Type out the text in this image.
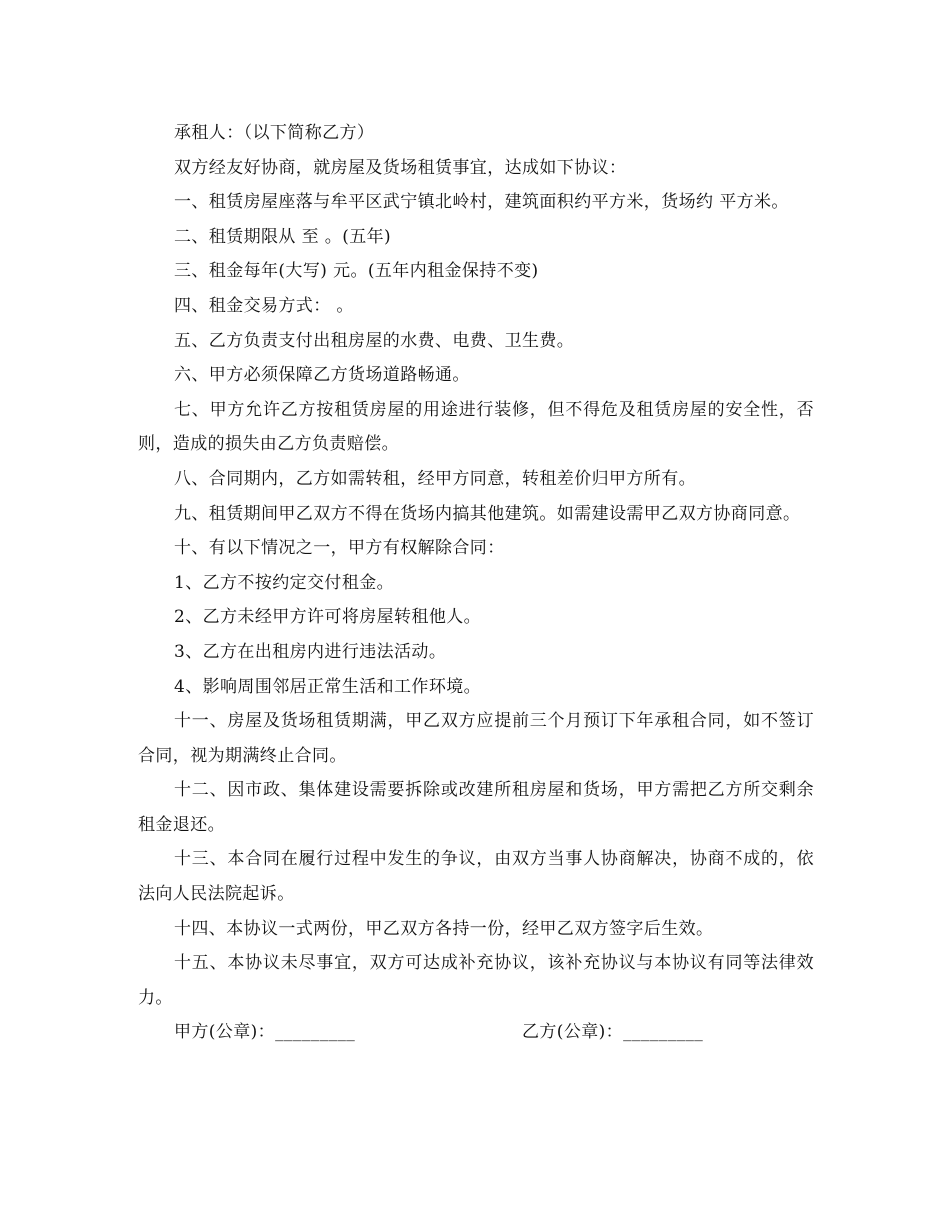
承租人：（以下简称乙方）

双方经友好协商，就房屋及货场租赁事宜，达成如下协议：

一、租赁房屋座落与牟平区武宁镇北岭村，建筑面积约平方米，货场约 平方米。

二、租赁期限从 至 。(五年)

三、租金每年(大写) 元。(五年内租金保持不变)

四、租金交易方式： 。

五、乙方负责支付出租房屋的水费、电费、卫生费。

六、甲方必须保障乙方货场道路畅通。

七、甲方允许乙方按租赁房屋的用途进行装修，但不得危及租赁房屋的安全性，否则，造成的损失由乙方负责赔偿。

八、合同期内，乙方如需转租，经甲方同意，转租差价归甲方所有。

九、租赁期间甲乙双方不得在货场内搞其他建筑。如需建设需甲乙双方协商同意。

十、有以下情况之一，甲方有权解除合同：

1、乙方不按约定交付租金。

2、乙方未经甲方许可将房屋转租他人。

3、乙方在出租房内进行违法活动。

4、影响周围邻居正常生活和工作环境。

十一、房屋及货场租赁期满，甲乙双方应提前三个月预订下年承租合同，如不签订合同，视为期满终止合同。

十二、因市政、集体建设需要拆除或改建所租房屋和货场，甲方需把乙方所交剩余租金退还。

十三、本合同在履行过程中发生的争议，由双方当事人协商解决，协商不成的，依法向人民法院起诉。

十四、本协议一式两份，甲乙双方各持一份，经甲乙双方签字后生效。

十五、本协议未尽事宜，双方可达成补充协议，该补充协议与本协议有同等法律效力。

甲方(公章)：_________	乙方(公章)：_________
